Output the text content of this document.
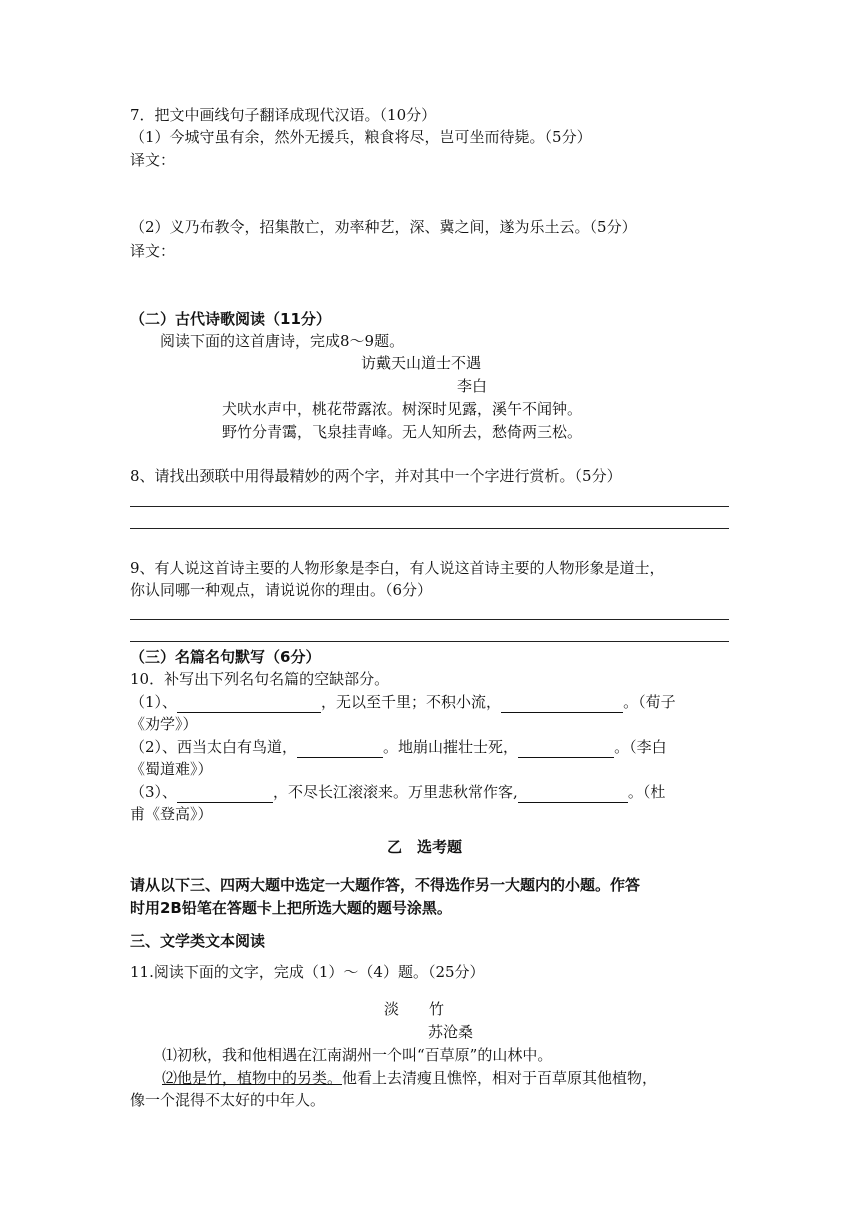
7．把文中画线句子翻译成现代汉语。（10分）
（1）今城守虽有余，然外无援兵，粮食将尽，岂可坐而待毙。（5分）
译文：
（2）义乃布教令，招集散亡，劝率种艺，深、冀之间，遂为乐土云。（5分）
译文：
（二）古代诗歌阅读（11分）
阅读下面的这首唐诗，完成8～9题。
访戴天山道士不遇
李白
犬吠水声中，桃花带露浓。树深时见露，溪午不闻钟。
野竹分青霭，飞泉挂青峰。无人知所去，愁倚两三松。
8、请找出颈联中用得最精妙的两个字，并对其中一个字进行赏析。（5分）
9、有人说这首诗主要的人物形象是李白，有人说这首诗主要的人物形象是道士，
你认同哪一种观点，请说说你的理由。（6分）
（三）名篇名句默写（6分）
10．补写出下列名句名篇的空缺部分。
（1）、	，无以至千里；不积小流，	。（荀子
《劝学》）
（2）、西当太白有鸟道，	。地崩山摧壮士死，	。（李白
《蜀道难》）
（3）、	，不尽长江滚滚来。万里悲秋常作客,	。（杜
甫《登高》）
乙　选考题
请从以下三、四两大题中选定一大题作答，不得选作另一大题内的小题。作答
时用2B铅笔在答题卡上把所选大题的题号涂黑。
三、文学类文本阅读
11.阅读下面的文字，完成（1）～（4）题。（25分）
淡　　竹
苏沧桑
⑴初秋，我和他相遇在江南湖州一个叫“百草原”的山林中。
⑵他是竹，植物中的另类。他看上去清瘦且憔悴，相对于百草原其他植物，
像一个混得不太好的中年人。
